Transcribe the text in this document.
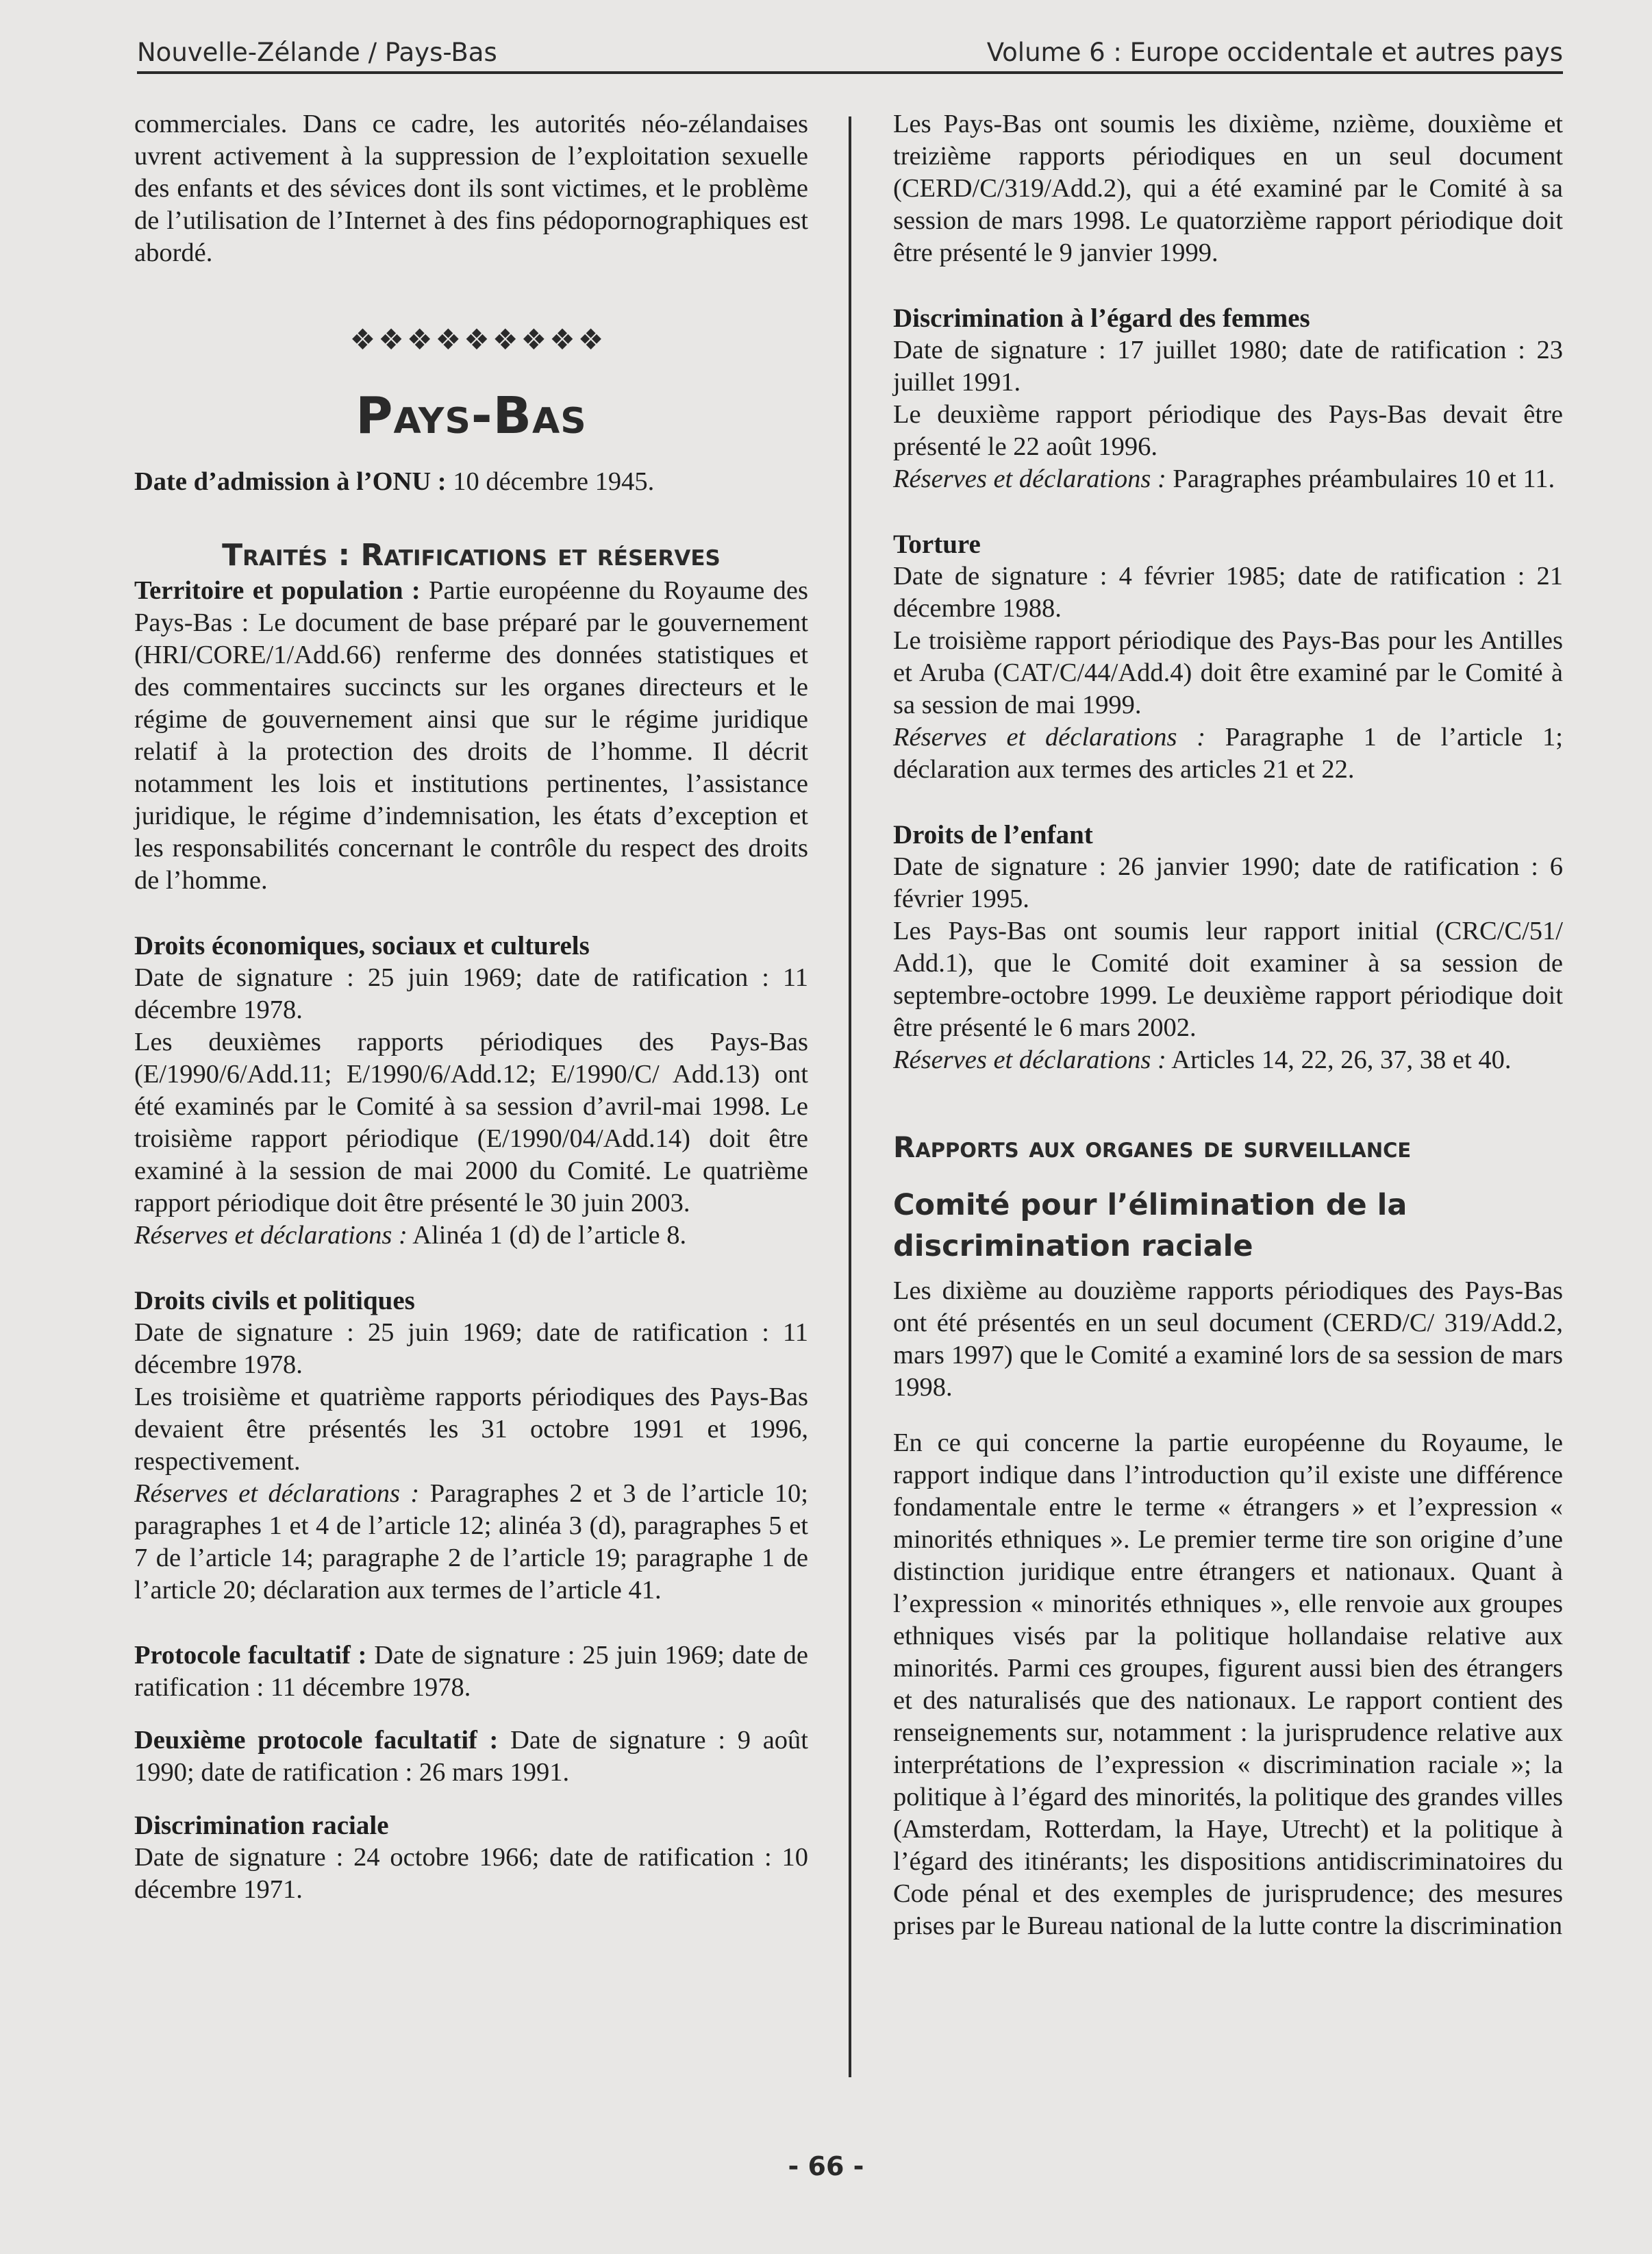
Nouvelle-Zélande / Pays-Bas	Volume 6 : Europe occidentale et autres pays

commerciales. Dans ce cadre, les autorités néo-zélandaises uvrent activement à la suppression de l’exploitation sexuelle des enfants et des sévices dont ils sont victimes, et le problème de l’utilisation de l’Internet à des fins pédopornographiques est abordé.

❖❖❖❖❖❖❖❖❖
Pays-Bas

Date d’admission à l’ONU : 10 décembre 1945.

Traités : Ratifications et réserves

Territoire et population : Partie européenne du Royaume des Pays-Bas : Le document de base préparé par le gouvernement (HRI/CORE/1/Add.66) renferme des données statistiques et des commentaires succincts sur les organes directeurs et le régime de gouvernement ainsi que sur le régime juridique relatif à la protection des droits de l’homme. Il décrit notamment les lois et institutions pertinentes, l’assistance juridique, le régime d’indemnisation, les états d’exception et les responsabilités concernant le contrôle du respect des droits de l’homme.

Droits économiques, sociaux et culturels

Date de signature : 25 juin 1969; date de ratification : 11 décembre 1978.

Les deuxièmes rapports périodiques des Pays-Bas (E/1990/6/Add.11; E/1990/6/Add.12; E/1990/C/ Add.13) ont été examinés par le Comité à sa session d’avril-mai 1998. Le troisième rapport périodique (E/1990/04/Add.14) doit être examiné à la session de mai 2000 du Comité. Le quatrième rapport périodique doit être présenté le 30 juin 2003.

Réserves et déclarations : Alinéa 1 (d) de l’article 8.

Droits civils et politiques

Date de signature : 25 juin 1969; date de ratification : 11 décembre 1978.

Les troisième et quatrième rapports périodiques des Pays-Bas devaient être présentés les 31 octobre 1991 et 1996, respectivement.

Réserves et déclarations : Paragraphes 2 et 3 de l’article 10; paragraphes 1 et 4 de l’article 12; alinéa 3 (d), paragraphes 5 et 7 de l’article 14; paragraphe 2 de l’article 19; paragraphe 1 de l’article 20; déclaration aux termes de l’article 41.

Protocole facultatif : Date de signature : 25 juin 1969; date de ratification : 11 décembre 1978.

Deuxième protocole facultatif : Date de signature : 9 août 1990; date de ratification : 26 mars 1991.

Discrimination raciale

Date de signature : 24 octobre 1966; date de ratification : 10 décembre 1971.

Les Pays-Bas ont soumis les dixième, nzième, douxième et treizième rapports périodiques en un seul document (CERD/C/319/Add.2), qui a été examiné par le Comité à sa session de mars 1998. Le quatorzième rapport périodique doit être présenté le 9 janvier 1999.

Discrimination à l’égard des femmes

Date de signature : 17 juillet 1980; date de ratification : 23 juillet 1991.

Le deuxième rapport périodique des Pays-Bas devait être présenté le 22 août 1996.

Réserves et déclarations : Paragraphes préambulaires 10 et 11.

Torture

Date de signature : 4 février 1985; date de ratification : 21 décembre 1988.

Le troisième rapport périodique des Pays-Bas pour les Antilles et Aruba (CAT/C/44/Add.4) doit être examiné par le Comité à sa session de mai 1999.

Réserves et déclarations : Paragraphe 1 de l’article 1; déclaration aux termes des articles 21 et 22.

Droits de l’enfant

Date de signature : 26 janvier 1990; date de ratification : 6 février 1995.

Les Pays-Bas ont soumis leur rapport initial (CRC/C/51/ Add.1), que le Comité doit examiner à sa session de septembre-octobre 1999. Le deuxième rapport périodique doit être présenté le 6 mars 2002.

Réserves et déclarations : Articles 14, 22, 26, 37, 38 et 40.

Rapports aux organes de surveillance
Comité pour l’élimination de la discrimination raciale

Les dixième au douzième rapports périodiques des Pays-Bas ont été présentés en un seul document (CERD/C/ 319/Add.2, mars 1997) que le Comité a examiné lors de sa session de mars 1998.

En ce qui concerne la partie européenne du Royaume, le rapport indique dans l’introduction qu’il existe une différence fondamentale entre le terme « étrangers » et l’expression « minorités ethniques ». Le premier terme tire son origine d’une distinction juridique entre étrangers et nationaux. Quant à l’expression « minorités ethniques », elle renvoie aux groupes ethniques visés par la politique hollandaise relative aux minorités. Parmi ces groupes, figurent aussi bien des étrangers et des naturalisés que des nationaux. Le rapport contient des renseignements sur, notamment : la jurisprudence relative aux interprétations de l’expression « discrimination raciale »; la politique à l’égard des minorités, la politique des grandes villes (Amsterdam, Rotterdam, la Haye, Utrecht) et la politique à l’égard des itinérants; les dispositions antidiscriminatoires du Code pénal et des exemples de jurisprudence; des mesures prises par le Bureau national de la lutte contre la discrimination

- 66 -
